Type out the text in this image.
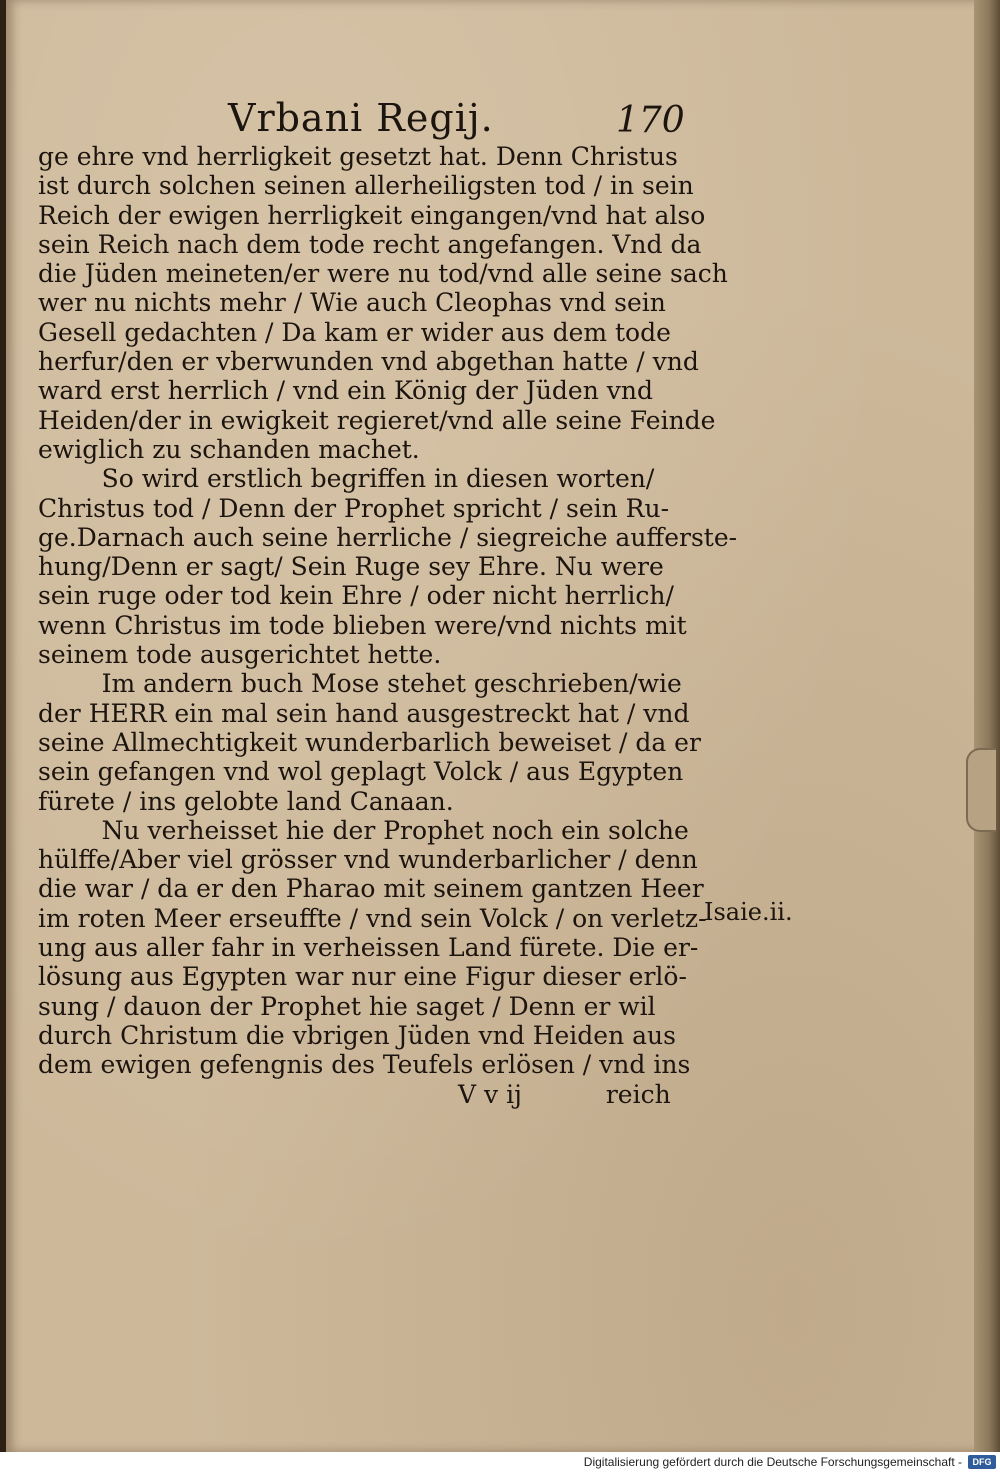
Vrbani Regij.	170
ge ehre vnd herrligkeit gesetzt hat. Denn Christus
ist durch solchen seinen allerheiligsten tod / in sein
Reich der ewigen herrligkeit eingangen/vnd hat also
sein Reich nach dem tode recht angefangen. Vnd da
die Jüden meineten/er were nu tod/vnd alle seine sach
wer nu nichts mehr / Wie auch Cleophas vnd sein
Gesell gedachten / Da kam er wider aus dem tode
herfur/den er vberwunden vnd abgethan hatte / vnd
ward erst herrlich / vnd ein König der Jüden vnd
Heiden/der in ewigkeit regieret/vnd alle seine Feinde
ewiglich zu schanden machet.
So wird erstlich begriffen in diesen worten/
Christus tod / Denn der Prophet spricht / sein Ru-
ge.Darnach auch seine herrliche / siegreiche aufferste-
hung/Denn er sagt/ Sein Ruge sey Ehre. Nu were
sein ruge oder tod kein Ehre / oder nicht herrlich/
wenn Christus im tode blieben were/vnd nichts mit
seinem tode ausgerichtet hette.
Im andern buch Mose stehet geschrieben/wie
der HERR ein mal sein hand ausgestreckt hat / vnd
seine Allmechtigkeit wunderbarlich beweiset / da er
sein gefangen vnd wol geplagt Volck / aus Egypten
fürete / ins gelobte land Canaan.
Nu verheisset hie der Prophet noch ein solche
hülffe/Aber viel grösser vnd wunderbarlicher / denn
die war / da er den Pharao mit seinem gantzen Heer
im roten Meer erseuffte / vnd sein Volck / on verletz-
ung aus aller fahr in verheissen Land fürete. Die er-
lösung aus Egypten war nur eine Figur dieser erlö-
sung / dauon der Prophet hie saget / Denn er wil
durch Christum die vbrigen Jüden vnd Heiden aus
dem ewigen gefengnis des Teufels erlösen / vnd ins
V v ij	reich
Isaie.ii.
Digitalisierung gefördert durch die Deutsche Forschungsgemeinschaft -	DFG
